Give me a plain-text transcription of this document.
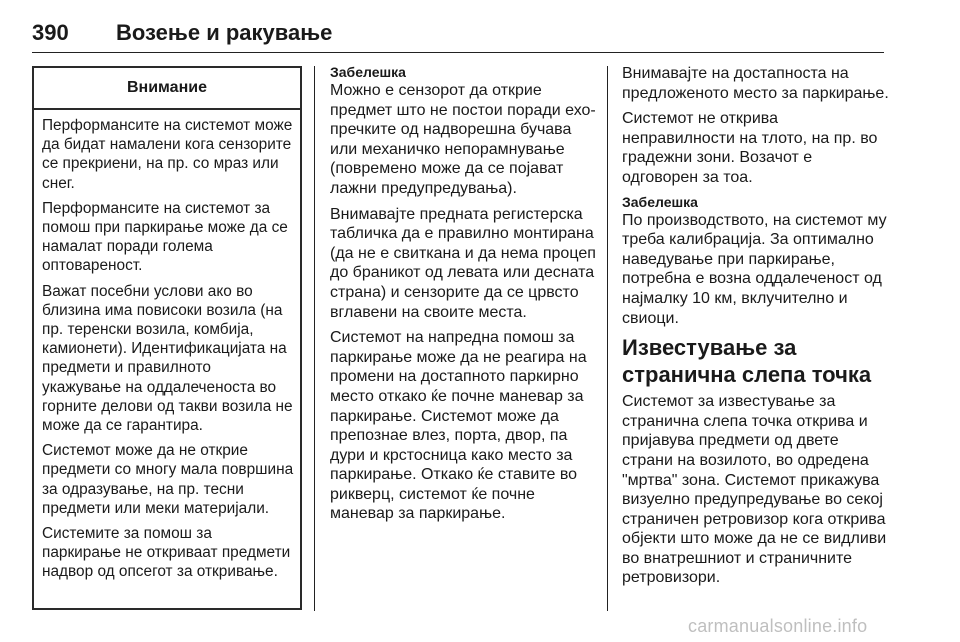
390 Возење и ракување
Внимание

Перформансите на системот може да бидат намалени кога сензорите се прекриени, на пр. со мраз или снег.

Перформансите на системот за помош при паркирање може да се намалат поради голема оптовареност.

Важат посебни услови ако во близина има повисоки возила (на пр. теренски возила, комбија, камионети). Идентификацијата на предмети и правилното укажување на оддалеченоста во горните делови од такви возила не може да се гарантира.

Системот може да не открие предмети со многу мала површина за одразување, на пр. тесни предмети или меки материјали.

Системите за помош за паркирање не откриваат предмети надвор од опсегот за откривање.

Забелешка

Можно е сензорот да открие предмет што не постои поради ехо-пречките од надворешна бучава или механичко непорамнување (повремено може да се појават лажни предупредувања).

Внимавајте предната регистерска табличка да е правилно монтирана (да не е свиткана и да нема процеп до браникот од левата или десната страна) и сензорите да се црвсто вглавени на своите места.

Системот на напредна помош за паркирање може да не реагира на промени на достапното паркирно место откако ќе почне маневар за паркирање. Системот може да препознае влез, порта, двор, па дури и крстосница како место за паркирање. Откако ќе ставите во рикверц, системот ќе почне маневар за паркирање.

Внимавајте на достапноста на предложеното место за паркирање.

Системот не открива неправилности на тлото, на пр. во градежни зони. Возачот е одговорен за тоа.

Забелешка

По производството, на системот му треба калибрација. За оптимално наведување при паркирање, потребна е возна оддалеченост од најмалку 10 км, вклучително и свиоци.

Известување за странична слепа точка

Системот за известување за странична слепа точка открива и пријавува предмети од двете страни на возилото, во одредена "мртва" зона. Системот прикажува визуелно предупредување во секој страничен ретровизор кога открива објекти што може да не се видливи во внатрешниот и страничните ретровизори.

carmanualsonline.info
